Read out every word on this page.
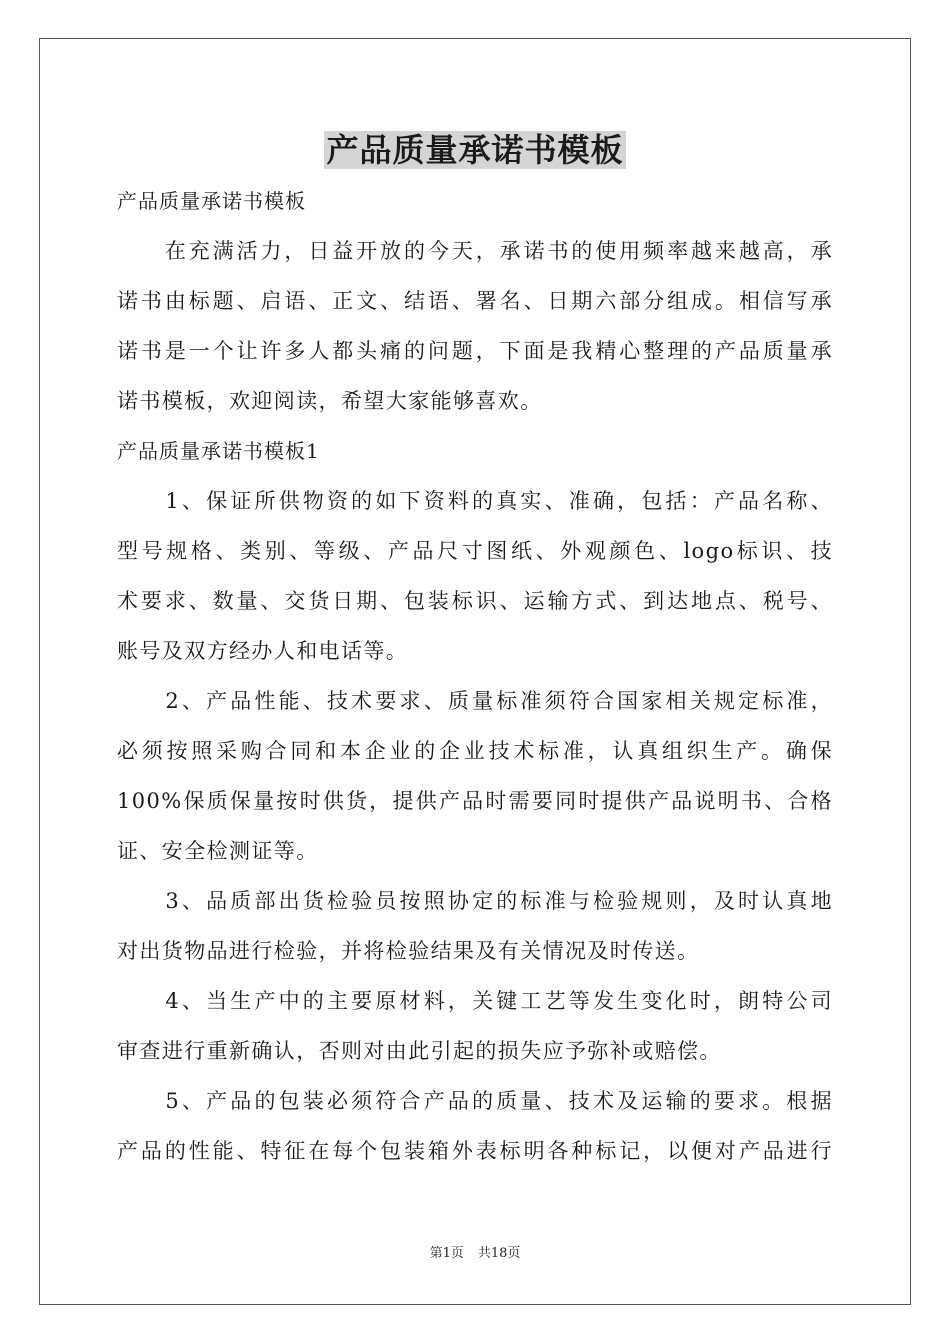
产品质量承诺书模板
产品质量承诺书模板
　　在充满活力，日益开放的今天，承诺书的使用频率越来越高，承
诺书由标题、启语、正文、结语、署名、日期六部分组成。相信写承
诺书是一个让许多人都头痛的问题，下面是我精心整理的产品质量承
诺书模板，欢迎阅读，希望大家能够喜欢。
产品质量承诺书模板1
　　1、保证所供物资的如下资料的真实、准确，包括：产品名称、
型号规格、类别、等级、产品尺寸图纸、外观颜色、logo标识、技
术要求、数量、交货日期、包装标识、运输方式、到达地点、税号、
账号及双方经办人和电话等。
　　2、产品性能、技术要求、质量标准须符合国家相关规定标准，
必须按照采购合同和本企业的企业技术标准，认真组织生产。确保
100%保质保量按时供货，提供产品时需要同时提供产品说明书、合格
证、安全检测证等。
　　3、品质部出货检验员按照协定的标准与检验规则，及时认真地
对出货物品进行检验，并将检验结果及有关情况及时传送。
　　4、当生产中的主要原材料，关键工艺等发生变化时，朗特公司
审查进行重新确认，否则对由此引起的损失应予弥补或赔偿。
　　5、产品的包装必须符合产品的质量、技术及运输的要求。根据
产品的性能、特征在每个包装箱外表标明各种标记，以便对产品进行
第1页 共18页
